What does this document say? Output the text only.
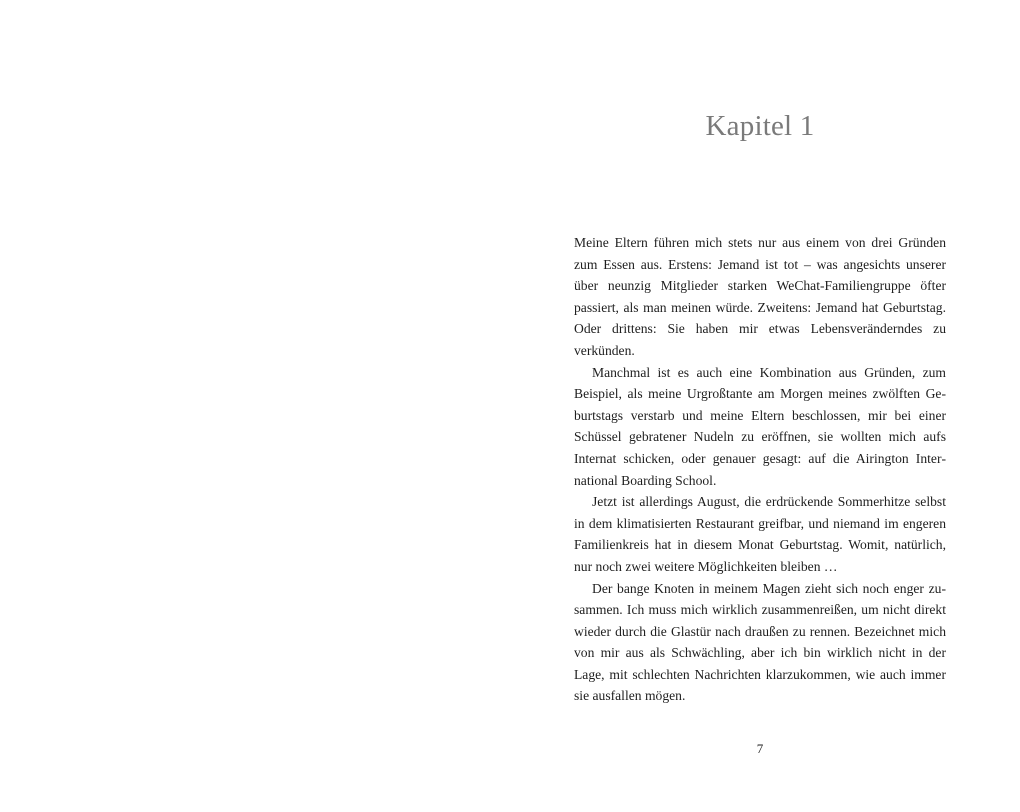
Kapitel 1

Meine Eltern führen mich stets nur aus einem von drei Gründen zum Essen aus. Erstens: Jemand ist tot – was angesichts unserer über neunzig Mitglieder starken WeChat-Familiengruppe öfter passiert, als man meinen würde. Zweitens: Jemand hat Geburtstag. Oder drittens: Sie haben mir etwas Lebensveränderndes zu verkünden.

Manchmal ist es auch eine Kombination aus Gründen, zum Beispiel, als meine Urgroßtante am Morgen meines zwölften Geburtstags verstarb und meine Eltern beschlossen, mir bei einer Schüssel gebratener Nudeln zu eröffnen, sie wollten mich aufs Internat schicken, oder genauer gesagt: auf die Airington International Boarding School.

Jetzt ist allerdings August, die erdrückende Sommerhitze selbst in dem klimatisierten Restaurant greifbar, und niemand im engeren Familienkreis hat in diesem Monat Geburtstag. Womit, natürlich, nur noch zwei weitere Möglichkeiten bleiben …

Der bange Knoten in meinem Magen zieht sich noch enger zusammen. Ich muss mich wirklich zusammenreißen, um nicht direkt wieder durch die Glastür nach draußen zu rennen. Bezeichnet mich von mir aus als Schwächling, aber ich bin wirklich nicht in der Lage, mit schlechten Nachrichten klarzukommen, wie auch immer sie ausfallen mögen.

7
